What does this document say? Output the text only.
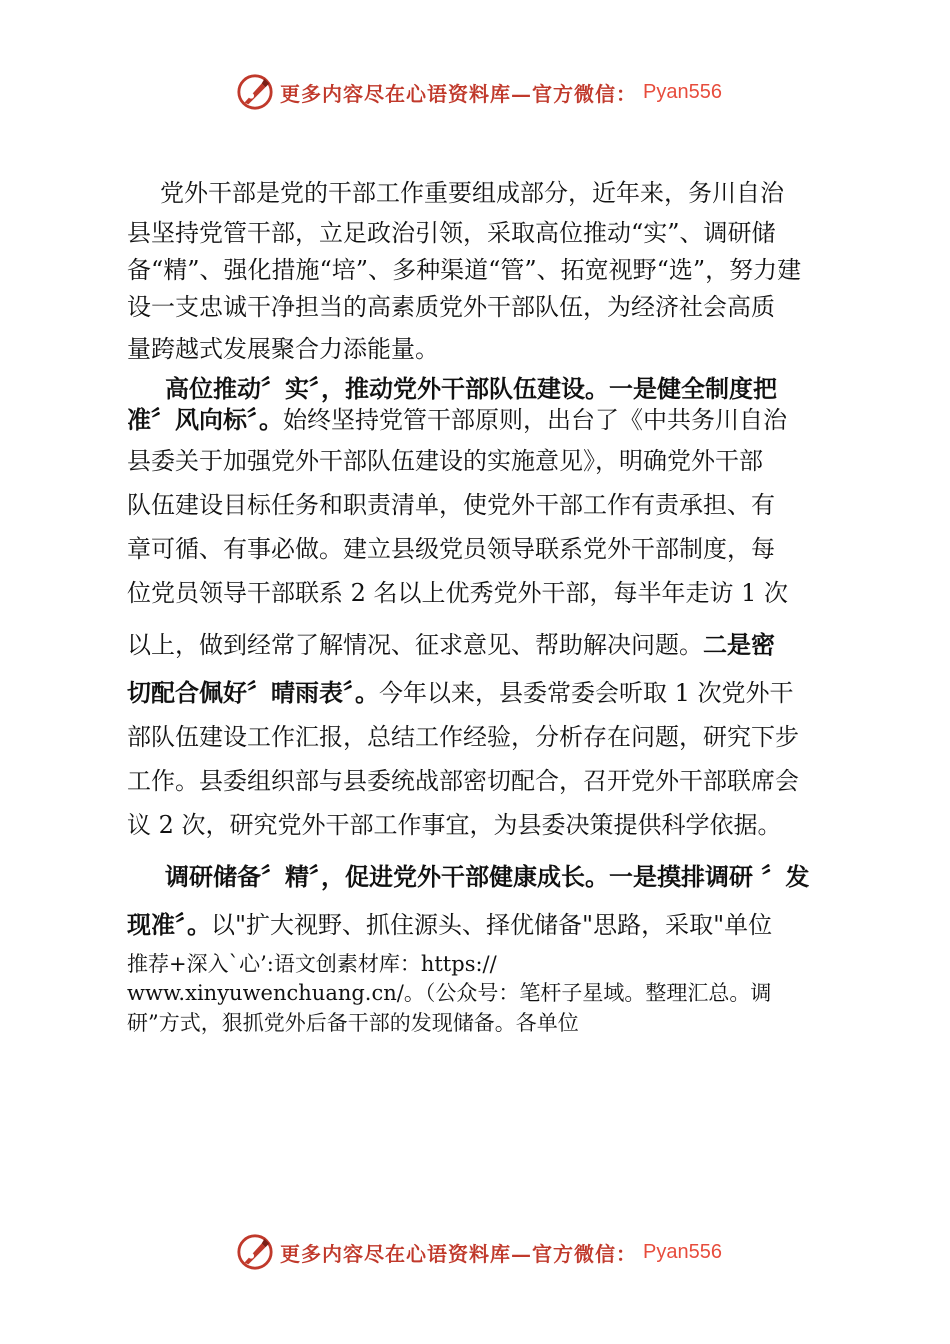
更多内容尽在心语资料库—官方微信： Pyan556
党外干部是党的干部工作重要组成部分，近年来，务川自治
县坚持党管干部，立足政治引领，采取高位推动“实”、调研储
备“精”、强化措施“培”、多种渠道“管”、拓宽视野“选”，努力建
设一支忠诚干净担当的高素质党外干部队伍，为经济社会高质
量跨越式发展聚合力添能量。
高位推动〞实〞，推动党外干部队伍建设。一是健全制度把
准〞风向标〞。始终坚持党管干部原则，出台了《中共务川自治
县委关于加强党外干部队伍建设的实施意见》，明确党外干部
队伍建设目标任务和职责清单，使党外干部工作有责承担、有
章可循、有事必做。建立县级党员领导联系党外干部制度，每
位党员领导干部联系 2 名以上优秀党外干部，每半年走访 1 次
以上，做到经常了解情况、征求意见、帮助解决问题。二是密
切配合佩好〞晴雨表〞。今年以来，县委常委会听取 1 次党外干
部队伍建设工作汇报，总结工作经验，分析存在问题，研究下步
工作。县委组织部与县委统战部密切配合，召开党外干部联席会
议 2 次，研究党外干部工作事宜，为县委决策提供科学依据。
调研储备〞精〞，促进党外干部健康成长。一是摸排调研 〞发
现准〞。以"扩大视野、抓住源头、择优储备"思路，采取"单位
推荐+深入`心’:语文创素材库：https://
www.xinyuwenchuang.cn/。（公众号：笔杆子星域。整理汇总。调
研”方式，狠抓党外后备干部的发现储备。各单位
更多内容尽在心语资料库—官方微信： Pyan556
